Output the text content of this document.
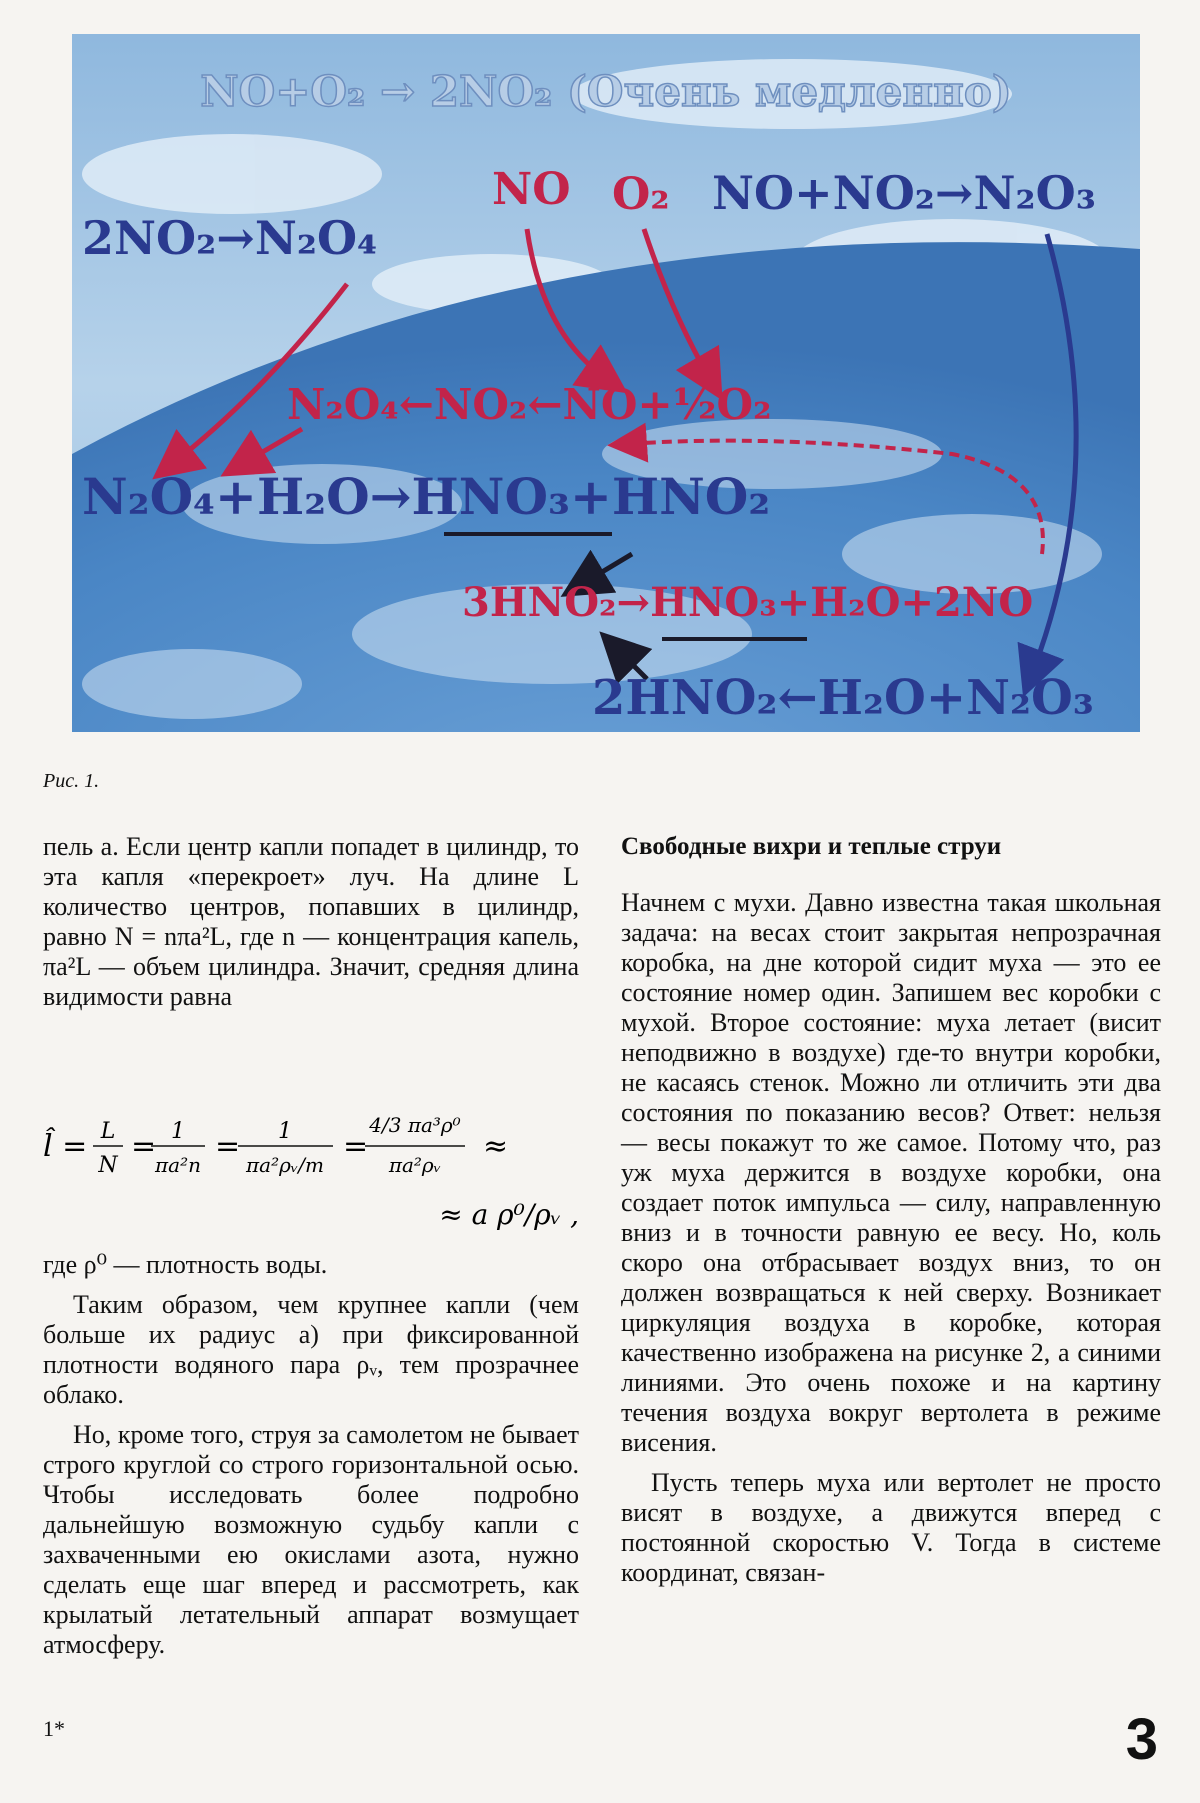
NO+O₂ → 2NO₂ (Очень медленно)
2NO₂→N₂O₄
NO O₂ NO+NO₂→N₂O₃
N₂O₄←NO₂←NO+½O₂
N₂O₄+H₂O→HNO₃+HNO₂
3HNO₂→HNO₃+H₂O+2NO
2HNO₂←H₂O+N₂O₃
Рис. 1.

пель a. Если центр капли попадет в цилиндр, то эта капля «перекроет» луч. На длине L количество центров, попавших в цилиндр, равно N = nπa²L, где n — концентрация капель, πa²L — объем цилиндра. Значит, средняя длина видимости равна

l̂ = L
N
= 1
πa²n
= 1
πa²ρᵥ/m
=
4/3 πa³ρ⁰
πa²ρᵥ
≈
≈ a ρ⁰/ρᵥ ,

где ρ⁰ — плотность воды.

Таким образом, чем крупнее капли (чем больше их радиус a) при фиксированной плотности водяного пара ρᵥ, тем прозрачнее облако.

Но, кроме того, струя за самолетом не бывает строго круглой со строго горизонтальной осью. Чтобы исследовать более подробно дальнейшую возможную судьбу капли с захваченными ею окислами азота, нужно сделать еще шаг вперед и рассмотреть, как крылатый летательный аппарат возмущает атмосферу.

Свободные вихри и теплые струи

Начнем с мухи. Давно известна такая школьная задача: на весах стоит закрытая непрозрачная коробка, на дне которой сидит муха — это ее состояние номер один. Запишем вес коробки с мухой. Второе состояние: муха летает (висит неподвижно в воздухе) где-то внутри коробки, не касаясь стенок. Можно ли отличить эти два состояния по показанию весов? Ответ: нельзя — весы покажут то же самое. Потому что, раз уж муха держится в воздухе коробки, она создает поток импульса — силу, направленную вниз и в точности равную ее весу. Но, коль скоро она отбрасывает воздух вниз, то он должен возвращаться к ней сверху. Возникает циркуляция воздуха в коробке, которая качественно изображена на рисунке 2, a синими линиями. Это очень похоже и на картину течения воздуха вокруг вертолета в режиме висения.

Пусть теперь муха или вертолет не просто висят в воздухе, а движутся вперед с постоянной скоростью V. Тогда в системе координат, связан-

1*	3
